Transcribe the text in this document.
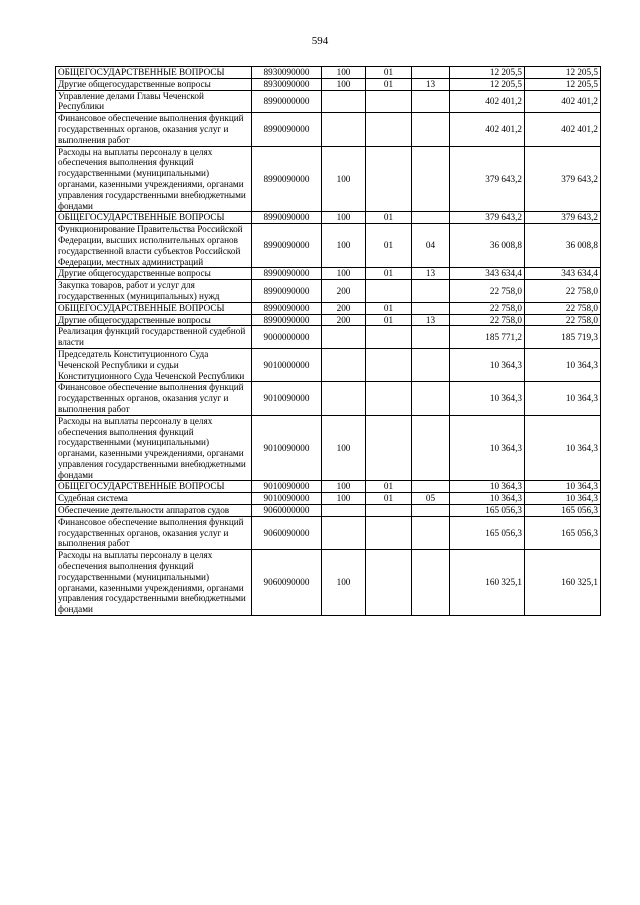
594
ОБЩЕГОСУДАРСТВЕННЫЕ ВОПРОСЫ	8930090000	100	01		12 205,5	12 205,5
Другие общегосударственные вопросы	8930090000	100	01	13	12 205,5	12 205,5
Управление делами Главы Чеченской Республики	8990000000				402 401,2	402 401,2
Финансовое обеспечение выполнения функций государственных органов, оказания услуг и выполнения работ	8990090000				402 401,2	402 401,2
Расходы на выплаты персоналу в целях обеспечения выполнения функций государственными (муниципальными) органами, казенными учреждениями, органами управления государственными внебюджетными фондами	8990090000	100			379 643,2	379 643,2
ОБЩЕГОСУДАРСТВЕННЫЕ ВОПРОСЫ	8990090000	100	01		379 643,2	379 643,2
Функционирование Правительства Российской Федерации, высших исполнительных органов государственной власти субъектов Российской Федерации, местных администраций	8990090000	100	01	04	36 008,8	36 008,8
Другие общегосударственные вопросы	8990090000	100	01	13	343 634,4	343 634,4
Закупка товаров, работ и услуг для государственных (муниципальных) нужд	8990090000	200			22 758,0	22 758,0
ОБЩЕГОСУДАРСТВЕННЫЕ ВОПРОСЫ	8990090000	200	01		22 758,0	22 758,0
Другие общегосударственные вопросы	8990090000	200	01	13	22 758,0	22 758,0
Реализация функций государственной судебной власти	9000000000				185 771,2	185 719,3
Председатель Конституционного Суда Чеченской Республики и судьи Конституционного Суда Чеченской Республики	9010000000				10 364,3	10 364,3
Финансовое обеспечение выполнения функций государственных органов, оказания услуг и выполнения работ	9010090000				10 364,3	10 364,3
Расходы на выплаты персоналу в целях обеспечения выполнения функций государственными (муниципальными) органами, казенными учреждениями, органами управления государственными внебюджетными фондами	9010090000	100			10 364,3	10 364,3
ОБЩЕГОСУДАРСТВЕННЫЕ ВОПРОСЫ	9010090000	100	01		10 364,3	10 364,3
Судебная система	9010090000	100	01	05	10 364,3	10 364,3
Обеспечение деятельности аппаратов судов	9060000000				165 056,3	165 056,3
Финансовое обеспечение выполнения функций государственных органов, оказания услуг и выполнения работ	9060090000				165 056,3	165 056,3
Расходы на выплаты персоналу в целях обеспечения выполнения функций государственными (муниципальными) органами, казенными учреждениями, органами управления государственными внебюджетными фондами	9060090000	100			160 325,1	160 325,1
